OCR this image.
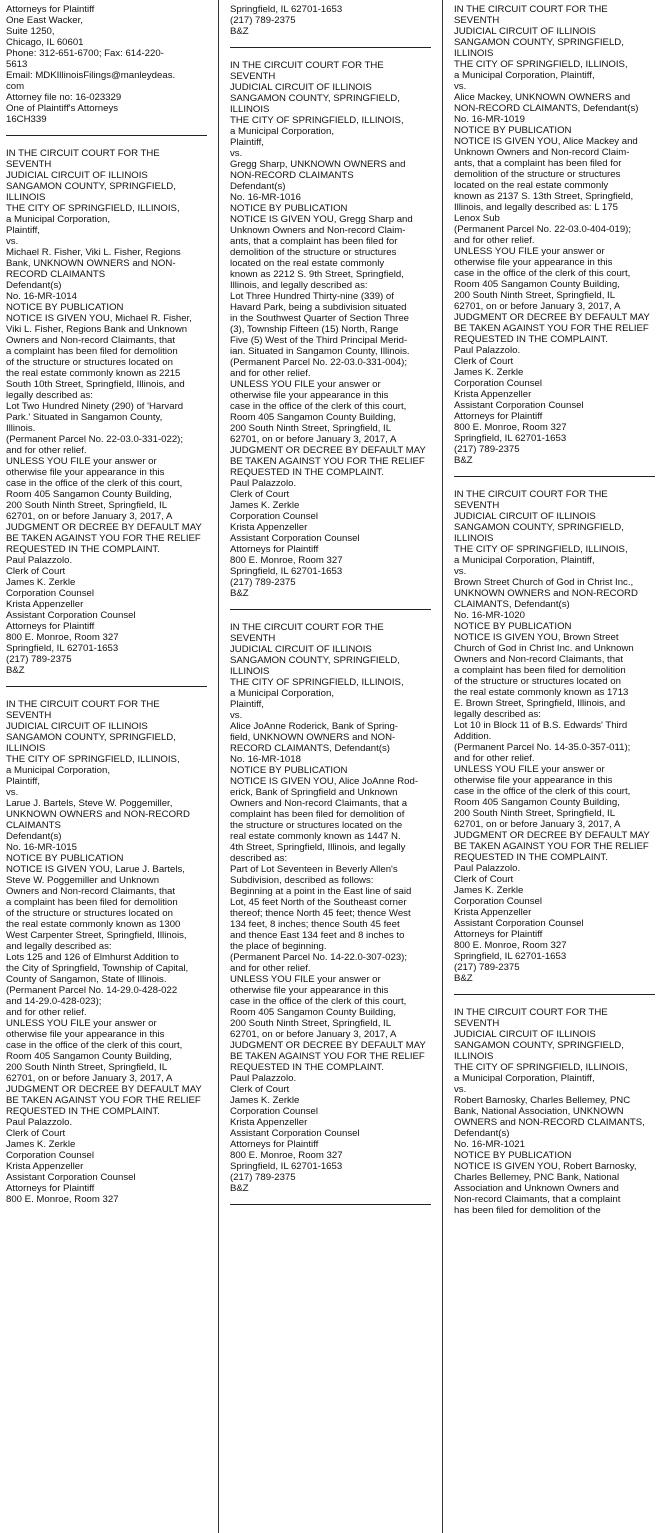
Attorneys for Plaintiff
One East Wacker,
Suite 1250,
Chicago, IL 60601
Phone: 312-651-6700; Fax: 614-220-
5613
Email: MDKIllinoisFilings@manleydeas.
com
Attorney file no: 16-023329
One of Plaintiff's Attorneys
16CH339

IN THE CIRCUIT COURT FOR THE SEVENTH
JUDICIAL CIRCUIT OF ILLINOIS
SANGAMON COUNTY, SPRINGFIELD,
ILLINOIS
THE CITY OF SPRINGFIELD, ILLINOIS,
a Municipal Corporation,
Plaintiff,
vs.
Michael R. Fisher, Viki L. Fisher, Regions
Bank, UNKNOWN OWNERS and NON-
RECORD CLAIMANTS
Defendant(s)
No. 16-MR-1014
NOTICE BY PUBLICATION
NOTICE IS GIVEN YOU, Michael R. Fisher,
Viki L. Fisher, Regions Bank and Unknown
Owners and Non-record Claimants, that
a complaint has been filed for demolition
of the structure or structures located on
the real estate commonly known as 2215
South 10th Street, Springfield, Illinois, and
legally described as:
Lot Two Hundred Ninety (290) of 'Harvard
Park.' Situated in Sangamon County,
Illinois.
(Permanent Parcel No. 22-03.0-331-022);
and for other relief.
UNLESS YOU FILE your answer or
otherwise file your appearance in this
case in the office of the clerk of this court,
Room 405 Sangamon County Building,
200 South Ninth Street, Springfield, IL
62701, on or before January 3, 2017, A
JUDGMENT OR DECREE BY DEFAULT MAY
BE TAKEN AGAINST YOU FOR THE RELIEF
REQUESTED IN THE COMPLAINT.
Paul Palazzolo.
Clerk of Court
James K. Zerkle
Corporation Counsel
Krista Appenzeller
Assistant Corporation Counsel
Attorneys for Plaintiff
800 E. Monroe, Room 327
Springfield, IL 62701-1653
(217) 789-2375
B&Z

IN THE CIRCUIT COURT FOR THE SEVENTH
JUDICIAL CIRCUIT OF ILLINOIS
SANGAMON COUNTY, SPRINGFIELD,
ILLINOIS
THE CITY OF SPRINGFIELD, ILLINOIS,
a Municipal Corporation,
Plaintiff,
vs.
Larue J. Bartels, Steve W. Poggemiller,
UNKNOWN OWNERS and NON-RECORD
CLAIMANTS
Defendant(s)
No. 16-MR-1015
NOTICE BY PUBLICATION
NOTICE IS GIVEN YOU, Larue J. Bartels,
Steve W. Poggemiller and Unknown
Owners and Non-record Claimants, that
a complaint has been filed for demolition
of the structure or structures located on
the real estate commonly known as 1300
West Carpenter Street, Springfield, Illinois,
and legally described as:
Lots 125 and 126 of Elmhurst Addition to
the City of Springfield, Township of Capital,
County of Sangamon, State of Illinois.
(Permanent Parcel No. 14-29.0-428-022
and 14-29.0-428-023);
and for other relief.
UNLESS YOU FILE your answer or
otherwise file your appearance in this
case in the office of the clerk of this court,
Room 405 Sangamon County Building,
200 South Ninth Street, Springfield, IL
62701, on or before January 3, 2017, A
JUDGMENT OR DECREE BY DEFAULT MAY
BE TAKEN AGAINST YOU FOR THE RELIEF
REQUESTED IN THE COMPLAINT.
Paul Palazzolo.
Clerk of Court
James K. Zerkle
Corporation Counsel
Krista Appenzeller
Assistant Corporation Counsel
Attorneys for Plaintiff
800 E. Monroe, Room 327

Springfield, IL 62701-1653
(217) 789-2375
B&Z

IN THE CIRCUIT COURT FOR THE SEVENTH
JUDICIAL CIRCUIT OF ILLINOIS
SANGAMON COUNTY, SPRINGFIELD,
ILLINOIS
THE CITY OF SPRINGFIELD, ILLINOIS,
a Municipal Corporation,
Plaintiff,
vs.
Gregg Sharp, UNKNOWN OWNERS and
NON-RECORD CLAIMANTS
Defendant(s)
No. 16-MR-1016
NOTICE BY PUBLICATION
NOTICE IS GIVEN YOU, Gregg Sharp and
Unknown Owners and Non-record Claim-
ants, that a complaint has been filed for
demolition of the structure or structures
located on the real estate commonly
known as 2212 S. 9th Street, Springfield,
Illinois, and legally described as:
Lot Three Hundred Thirty-nine (339) of
Havard Park, being a subdivision situated
in the Southwest Quarter of Section Three
(3), Township Fifteen (15) North, Range
Five (5) West of the Third Principal Merid-
ian. Situated in Sangamon County, Illinois.
(Permanent Parcel No. 22-03.0-331-004);
and for other relief.
UNLESS YOU FILE your answer or
otherwise file your appearance in this
case in the office of the clerk of this court,
Room 405 Sangamon County Building,
200 South Ninth Street, Springfield, IL
62701, on or before January 3, 2017, A
JUDGMENT OR DECREE BY DEFAULT MAY
BE TAKEN AGAINST YOU FOR THE RELIEF
REQUESTED IN THE COMPLAINT.
Paul Palazzolo.
Clerk of Court
James K. Zerkle
Corporation Counsel
Krista Appenzeller
Assistant Corporation Counsel
Attorneys for Plaintiff
800 E. Monroe, Room 327
Springfield, IL 62701-1653
(217) 789-2375
B&Z

IN THE CIRCUIT COURT FOR THE SEVENTH
JUDICIAL CIRCUIT OF ILLINOIS
SANGAMON COUNTY, SPRINGFIELD,
ILLINOIS
THE CITY OF SPRINGFIELD, ILLINOIS,
a Municipal Corporation,
Plaintiff,
vs.
Alice JoAnne Roderick, Bank of Spring-
field, UNKNOWN OWNERS and NON-
RECORD CLAIMANTS, Defendant(s)
No. 16-MR-1018
NOTICE BY PUBLICATION
NOTICE IS GIVEN YOU, Alice JoAnne Rod-
erick, Bank of Springfield and Unknown
Owners and Non-record Claimants, that a
complaint has been filed for demolition of
the structure or structures located on the
real estate commonly known as 1447 N.
4th Street, Springfield, Illinois, and legally
described as:
Part of Lot Seventeen in Beverly Allen's
Subdivision, described as follows:
Beginning at a point in the East line of said
Lot, 45 feet North of the Southeast corner
thereof; thence North 45 feet; thence West
134 feet, 8 inches; thence South 45 feet
and thence East 134 feet and 8 inches to
the place of beginning.
(Permanent Parcel No. 14-22.0-307-023);
and for other relief.
UNLESS YOU FILE your answer or
otherwise file your appearance in this
case in the office of the clerk of this court,
Room 405 Sangamon County Building,
200 South Ninth Street, Springfield, IL
62701, on or before January 3, 2017, A
JUDGMENT OR DECREE BY DEFAULT MAY
BE TAKEN AGAINST YOU FOR THE RELIEF
REQUESTED IN THE COMPLAINT.
Paul Palazzolo.
Clerk of Court
James K. Zerkle
Corporation Counsel
Krista Appenzeller
Assistant Corporation Counsel
Attorneys for Plaintiff
800 E. Monroe, Room 327
Springfield, IL 62701-1653
(217) 789-2375
B&Z

IN THE CIRCUIT COURT FOR THE SEVENTH
JUDICIAL CIRCUIT OF ILLINOIS
SANGAMON COUNTY, SPRINGFIELD,
ILLINOIS
THE CITY OF SPRINGFIELD, ILLINOIS,
a Municipal Corporation, Plaintiff,
vs.
Alice Mackey, UNKNOWN OWNERS and
NON-RECORD CLAIMANTS, Defendant(s)
No. 16-MR-1019
NOTICE BY PUBLICATION
NOTICE IS GIVEN YOU, Alice Mackey and
Unknown Owners and Non-record Claim-
ants, that a complaint has been filed for
demolition of the structure or structures
located on the real estate commonly
known as 2137 S. 13th Street, Springfield,
Illinois, and legally described as: L 175
Lenox Sub
(Permanent Parcel No. 22-03.0-404-019);
and for other relief.
UNLESS YOU FILE your answer or
otherwise file your appearance in this
case in the office of the clerk of this court,
Room 405 Sangamon County Building,
200 South Ninth Street, Springfield, IL
62701, on or before January 3, 2017, A
JUDGMENT OR DECREE BY DEFAULT MAY
BE TAKEN AGAINST YOU FOR THE RELIEF
REQUESTED IN THE COMPLAINT.
Paul Palazzolo.
Clerk of Court
James K. Zerkle
Corporation Counsel
Krista Appenzeller
Assistant Corporation Counsel
Attorneys for Plaintiff
800 E. Monroe, Room 327
Springfield, IL 62701-1653
(217) 789-2375
B&Z

IN THE CIRCUIT COURT FOR THE SEVENTH
JUDICIAL CIRCUIT OF ILLINOIS
SANGAMON COUNTY, SPRINGFIELD,
ILLINOIS
THE CITY OF SPRINGFIELD, ILLINOIS,
a Municipal Corporation, Plaintiff,
vs.
Brown Street Church of God in Christ Inc.,
UNKNOWN OWNERS and NON-RECORD
CLAIMANTS, Defendant(s)
No. 16-MR-1020
NOTICE BY PUBLICATION
NOTICE IS GIVEN YOU, Brown Street
Church of God in Christ Inc. and Unknown
Owners and Non-record Claimants, that
a complaint has been filed for demolition
of the structure or structures located on
the real estate commonly known as 1713
E. Brown Street, Springfield, Illinois, and
legally described as:
Lot 10 in Block 11 of B.S. Edwards' Third
Addition.
(Permanent Parcel No. 14-35.0-357-011);
and for other relief.
UNLESS YOU FILE your answer or
otherwise file your appearance in this
case in the office of the clerk of this court,
Room 405 Sangamon County Building,
200 South Ninth Street, Springfield, IL
62701, on or before January 3, 2017, A
JUDGMENT OR DECREE BY DEFAULT MAY
BE TAKEN AGAINST YOU FOR THE RELIEF
REQUESTED IN THE COMPLAINT.
Paul Palazzolo.
Clerk of Court
James K. Zerkle
Corporation Counsel
Krista Appenzeller
Assistant Corporation Counsel
Attorneys for Plaintiff
800 E. Monroe, Room 327
Springfield, IL 62701-1653
(217) 789-2375
B&Z

IN THE CIRCUIT COURT FOR THE SEVENTH
JUDICIAL CIRCUIT OF ILLINOIS
SANGAMON COUNTY, SPRINGFIELD,
ILLINOIS
THE CITY OF SPRINGFIELD, ILLINOIS,
a Municipal Corporation, Plaintiff,
vs.
Robert Barnosky, Charles Bellemey, PNC
Bank, National Association, UNKNOWN
OWNERS and NON-RECORD CLAIMANTS,
Defendant(s)
No. 16-MR-1021
NOTICE BY PUBLICATION
NOTICE IS GIVEN YOU, Robert Barnosky,
Charles Bellemey, PNC Bank, National
Association and Unknown Owners and
Non-record Claimants, that a complaint
has been filed for demolition of the
